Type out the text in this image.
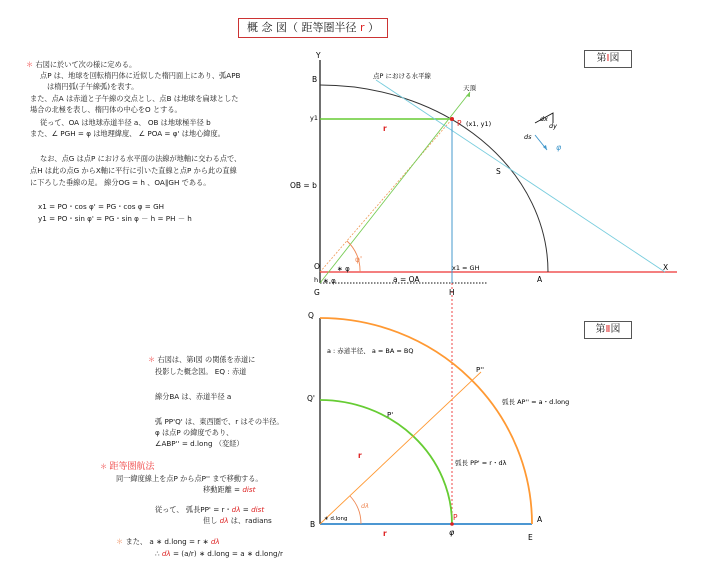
概 念 図（ 距等圏半径 r ）
第Ⅰ図
第Ⅱ図
＊ 右図に於いて次の様に定める。
点P は、地球を回転楕円体に近似した楕円面上にあり、弧APB
は楕円弧(子午線弧)を表す。
また、点A は赤道と子午線の交点とし、点B は地球を扁球とした
場合の北極を表し、楕円体の中心をO とする。
従って、OA は地球赤道半径 a、 OB は地球極半径 b
また、∠ PGH = φ は地理緯度、 ∠ POA = φ' は地心緯度。
なお、点G は点P における水平面の法線が地軸に交わる点で、
点H は此の点G からX軸に平行に引いた直線と点P から此の直線
に下ろした垂線の足。 線分OG = h 、OA∥GH である。
x1 = PO・cos φ' = PG・cos φ = GH
y1 = PO・sin φ' = PG・sin φ － h = PH － h
＊ 右図は、第Ⅰ図 の関係を赤道に
投影した概念図。 EQ : 赤道
線分BA は、赤道半径 a
弧 PP'Q' は、東西圏で、r はその半径。
φ は点P の緯度であり、
∠ABP'' = d.long （変経）
＊ 距等圏航法
同一緯度線上を点P から点P'' まで移動する。
移動距離 = dist
従って、 弧長PP' = r・dλ = dist
但し dλ は、radians
＊ また、 a ∗ d.long = r ∗ dλ
∴ dλ = (a/r) ∗ d.long = a ∗ d.long/r
Y
B
y1
r
P (x1, y1)
点P における水平線
天頂
S
OB = b
O
φ'
∗ φ
h ∗ φ
G
a = OA
x1 = GH
A
X
H
dx
dy
ds
φ
Q
Q'
B
∗ d.long	P
φ
A
E
r
r
P'
P''
dλ
a : 赤道半径、 a = BA = BQ
弧長 AP'' = a・d.long
弧長 PP' = r・dλ
